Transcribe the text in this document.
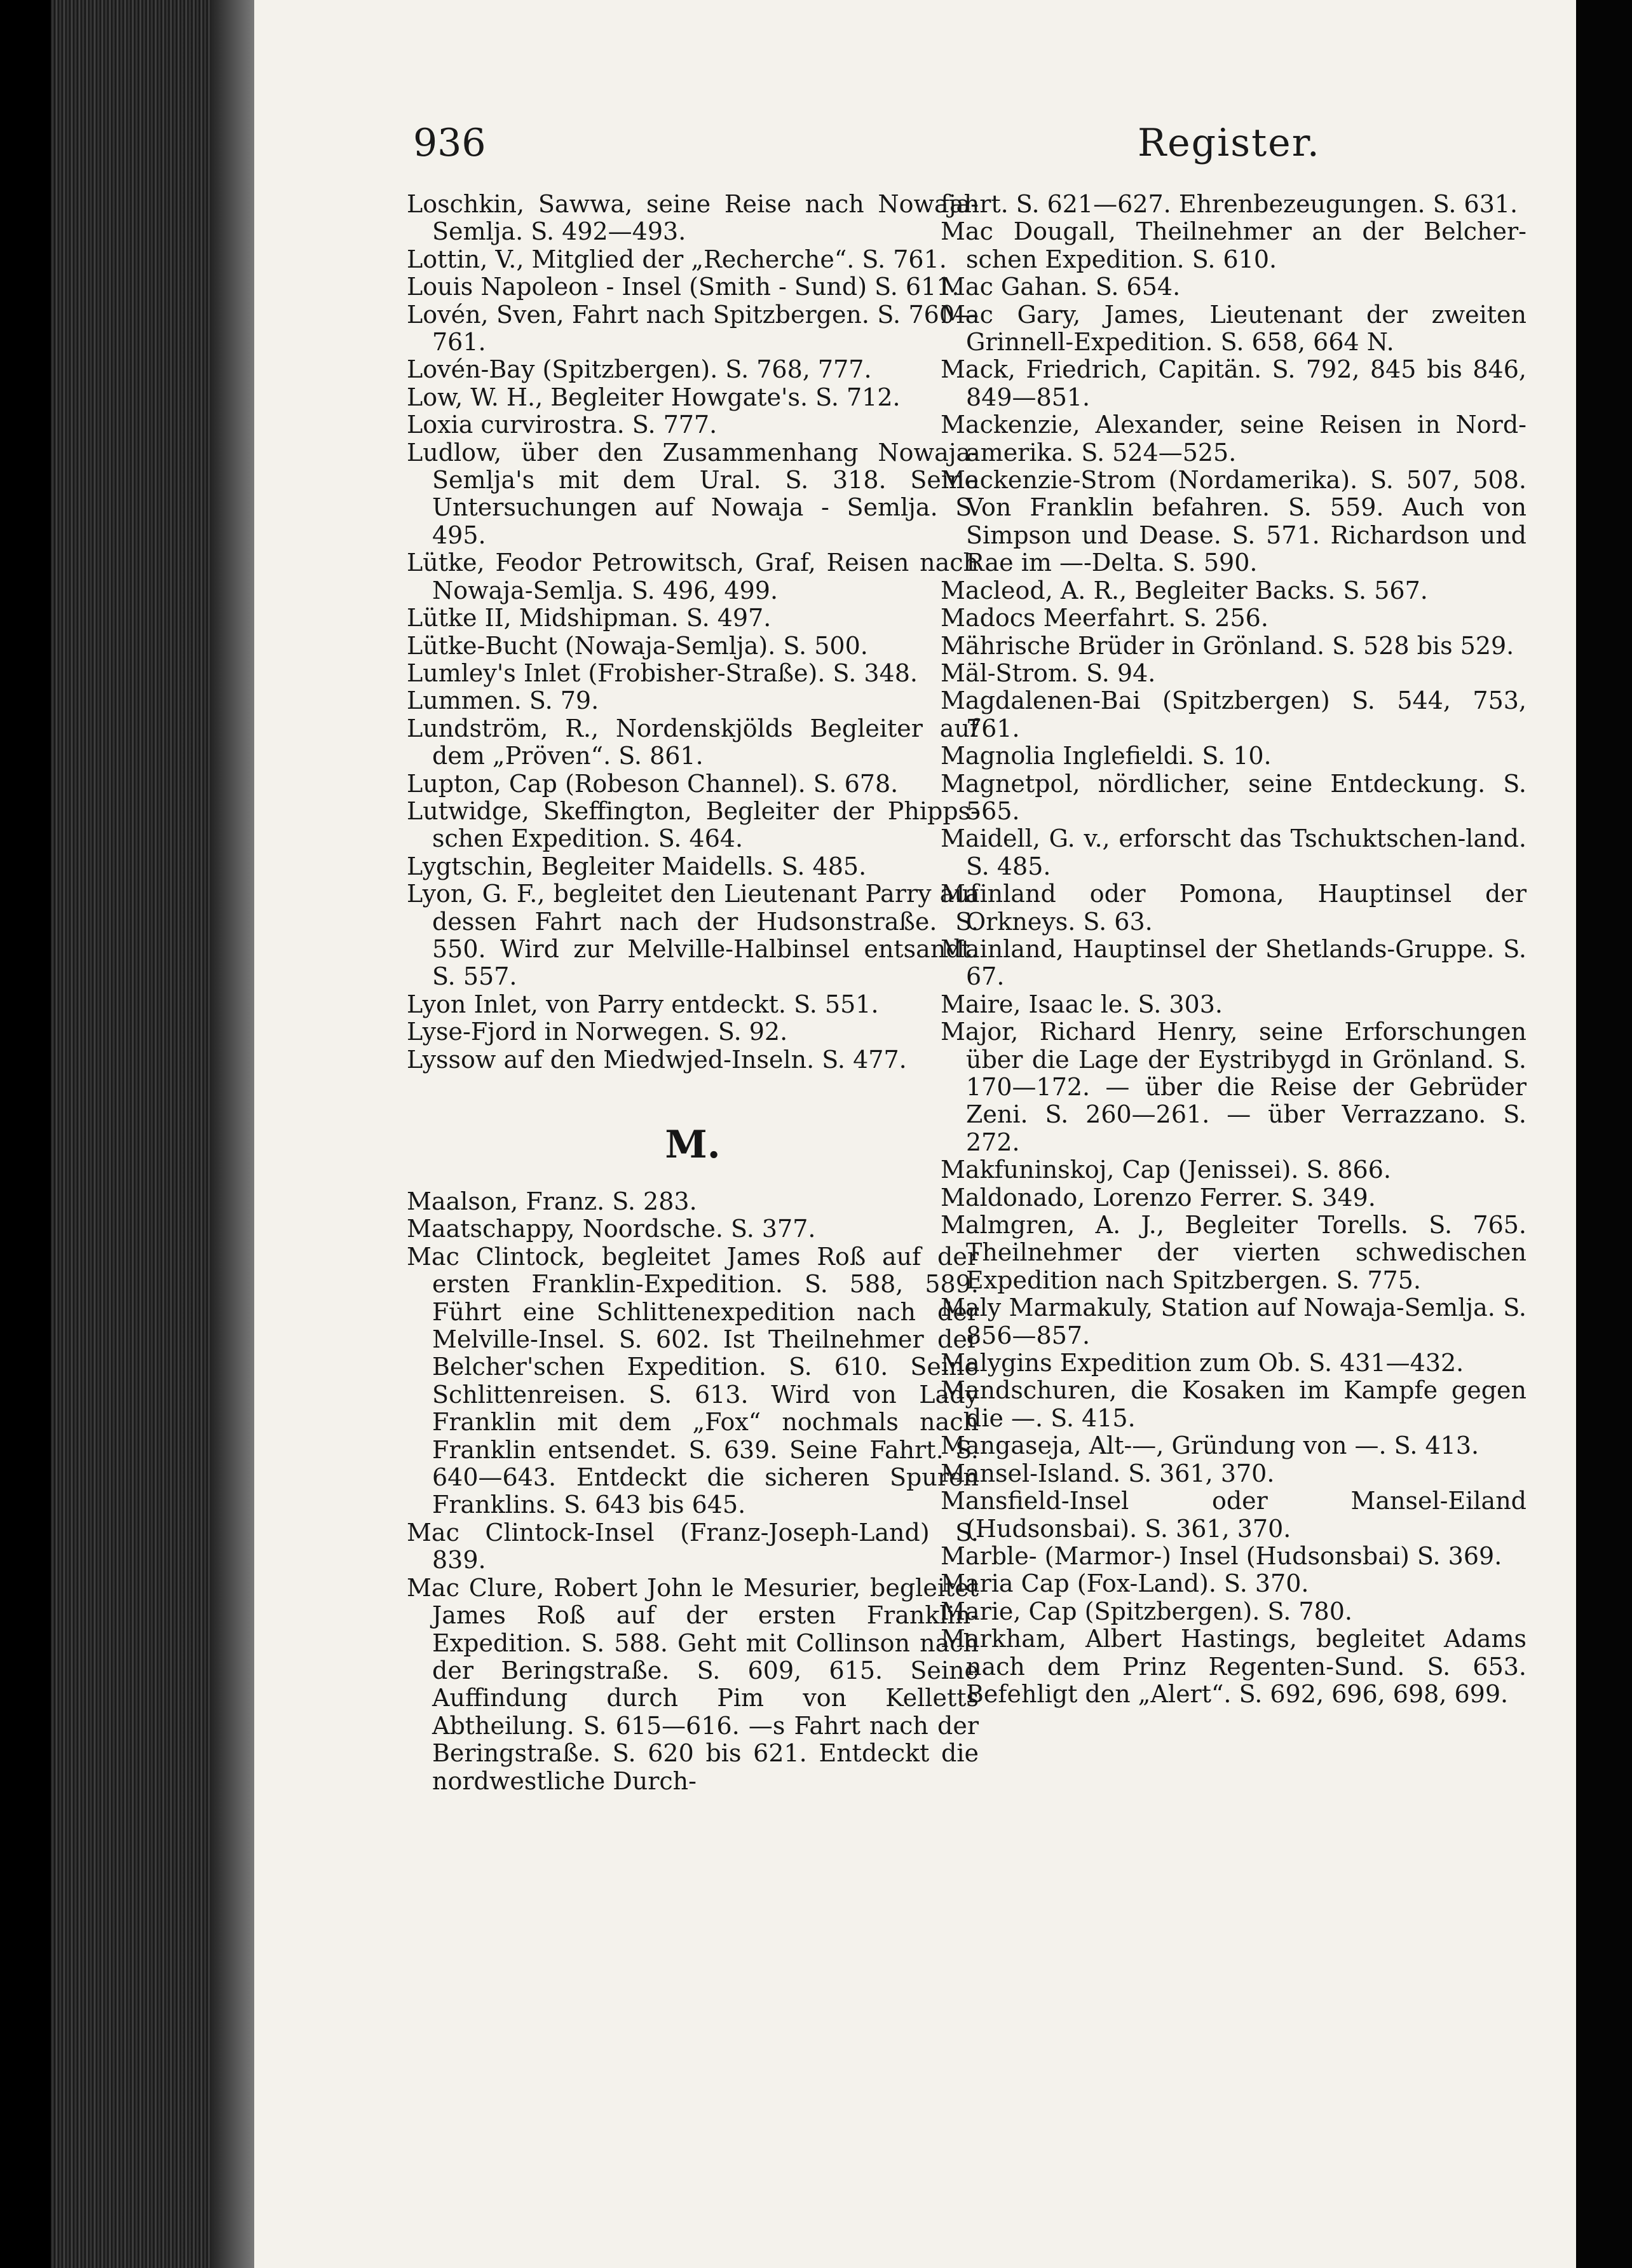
936	Register.

Loschkin, Sawwa, seine Reise nach Nowaja-Semlja. S. 492—493.

Lottin, V., Mitglied der „Recherche“. S. 761.

Louis Napoleon - Insel (Smith - Sund) S. 611.

Lovén, Sven, Fahrt nach Spitzbergen. S. 760—761.

Lovén-Bay (Spitzbergen). S. 768, 777.

Low, W. H., Begleiter Howgate's. S. 712.

Loxia curvirostra. S. 777.

Ludlow, über den Zusammenhang Nowaja-Semlja's mit dem Ural. S. 318. Seine Untersuchungen auf Nowaja - Semlja. S. 495.

Lütke, Feodor Petrowitsch, Graf, Reisen nach Nowaja-Semlja. S. 496, 499.

Lütke II, Midshipman. S. 497.

Lütke-Bucht (Nowaja-Semlja). S. 500.

Lumley's Inlet (Frobisher-Straße). S. 348.

Lummen. S. 79.

Lundström, R., Nordenskjölds Begleiter auf dem „Pröven“. S. 861.

Lupton, Cap (Robeson Channel). S. 678.

Lutwidge, Skeffington, Begleiter der Phipps-schen Expedition. S. 464.

Lygtschin, Begleiter Maidells. S. 485.

Lyon, G. F., begleitet den Lieutenant Parry auf dessen Fahrt nach der Hudsonstraße. S. 550. Wird zur Melville-Halbinsel entsandt. S. 557.

Lyon Inlet, von Parry entdeckt. S. 551.

Lyse-Fjord in Norwegen. S. 92.

Lyssow auf den Miedwjed-Inseln. S. 477.

M.

Maalson, Franz. S. 283.

Maatschappy, Noordsche. S. 377.

Mac Clintock, begleitet James Roß auf der ersten Franklin-Expedition. S. 588, 589. Führt eine Schlittenexpedition nach der Melville-Insel. S. 602. Ist Theilnehmer der Belcher'schen Expedition. S. 610. Seine Schlittenreisen. S. 613. Wird von Lady Franklin mit dem „Fox“ nochmals nach Franklin entsendet. S. 639. Seine Fahrt. S. 640—643. Entdeckt die sicheren Spuren Franklins. S. 643 bis 645.

Mac Clintock-Insel (Franz-Joseph-Land) S. 839.

Mac Clure, Robert John le Mesurier, begleitet James Roß auf der ersten Franklin-Expedition. S. 588. Geht mit Collinson nach der Beringstraße. S. 609, 615. Seine Auffindung durch Pim von Kelletts Abtheilung. S. 615—616. —s Fahrt nach der Beringstraße. S. 620 bis 621. Entdeckt die nordwestliche Durch-

fahrt. S. 621—627. Ehrenbezeugungen. S. 631.

Mac Dougall, Theilnehmer an der Belcher-schen Expedition. S. 610.

Mac Gahan. S. 654.

Mac Gary, James, Lieutenant der zweiten Grinnell-Expedition. S. 658, 664 N.

Mack, Friedrich, Capitän. S. 792, 845 bis 846, 849—851.

Mackenzie, Alexander, seine Reisen in Nord-amerika. S. 524—525.

Mackenzie-Strom (Nordamerika). S. 507, 508. Von Franklin befahren. S. 559. Auch von Simpson und Dease. S. 571. Richardson und Rae im —-Delta. S. 590.

Macleod, A. R., Begleiter Backs. S. 567.

Madocs Meerfahrt. S. 256.

Mährische Brüder in Grönland. S. 528 bis 529.

Mäl-Strom. S. 94.

Magdalenen-Bai (Spitzbergen) S. 544, 753, 761.

Magnolia Inglefieldi. S. 10.

Magnetpol, nördlicher, seine Entdeckung. S. 565.

Maidell, G. v., erforscht das Tschuktschen-land. S. 485.

Mainland oder Pomona, Hauptinsel der Orkneys. S. 63.

Mainland, Hauptinsel der Shetlands-Gruppe. S. 67.

Maire, Isaac le. S. 303.

Major, Richard Henry, seine Erforschungen über die Lage der Eystribygd in Grönland. S. 170—172. — über die Reise der Gebrüder Zeni. S. 260—261. — über Verrazzano. S. 272.

Makfuninskoj, Cap (Jenissei). S. 866.

Maldonado, Lorenzo Ferrer. S. 349.

Malmgren, A. J., Begleiter Torells. S. 765. Theilnehmer der vierten schwedischen Expedition nach Spitzbergen. S. 775.

Maly Marmakuly, Station auf Nowaja-Semlja. S. 856—857.

Malygins Expedition zum Ob. S. 431—432.

Mandschuren, die Kosaken im Kampfe gegen die —. S. 415.

Mangaseja, Alt-—, Gründung von —. S. 413.

Mansel-Island. S. 361, 370.

Mansfield-Insel oder Mansel-Eiland (Hudsonsbai). S. 361, 370.

Marble- (Marmor-) Insel (Hudsonsbai) S. 369.

Maria Cap (Fox-Land). S. 370.

Marie, Cap (Spitzbergen). S. 780.

Markham, Albert Hastings, begleitet Adams nach dem Prinz Regenten-Sund. S. 653. Befehligt den „Alert“. S. 692, 696, 698, 699.
